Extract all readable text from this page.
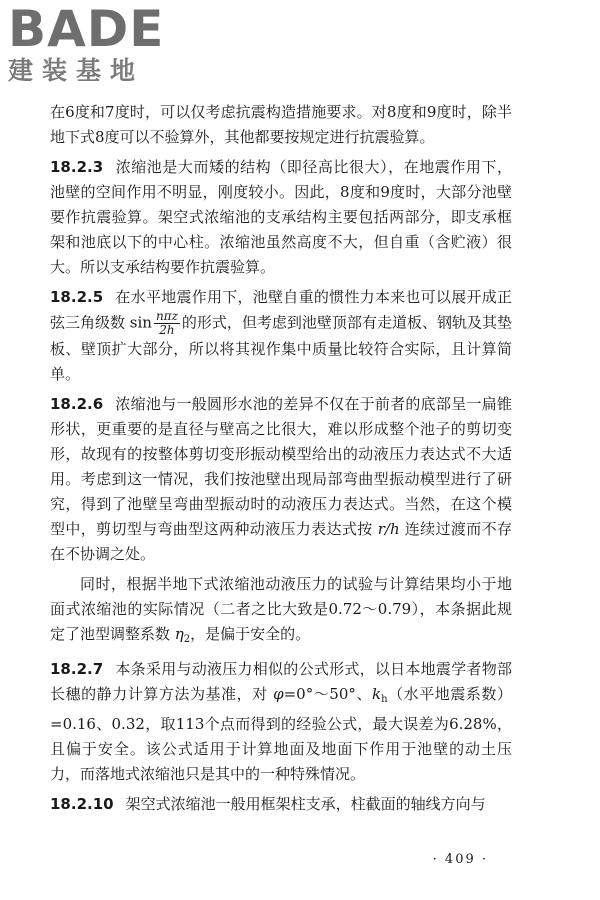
BADE
建装基地

在6度和7度时，可以仅考虑抗震构造措施要求。对8度和9度时，除半地下式8度可以不验算外，其他都要按规定进行抗震验算。

18.2.3 浓缩池是大而矮的结构（即径高比很大），在地震作用下，池壁的空间作用不明显，刚度较小。因此，8度和9度时，大部分池壁要作抗震验算。架空式浓缩池的支承结构主要包括两部分，即支承框架和池底以下的中心柱。浓缩池虽然高度不大，但自重（含贮液）很大。所以支承结构要作抗震验算。

18.2.5 在水平地震作用下，池壁自重的惯性力本来也可以展开成正弦三角级数 $\sin \frac{\text{nπz}}{2h}$ 的形式，但考虑到池壁顶部有走道板、钢轨及其垫板、壁顶扩大部分，所以将其视作集中质量比较符合实际，且计算简单。

18.2.6 浓缩池与一般圆形水池的差异不仅在于前者的底部呈一扁锥形状，更重要的是直径与壁高之比很大，难以形成整个池子的剪切变形，故现有的按整体剪切变形振动模型给出的动液压力表达式不大适用。考虑到这一情况，我们按池壁出现局部弯曲型振动模型进行了研究，得到了池壁呈弯曲型振动时的动液压力表达式。当然，在这个模型中，剪切型与弯曲型这两种动液压力表达式按 r/h 连续过渡而不存在不协调之处。

同时，根据半地下式浓缩池动液压力的试验与计算结果均小于地面式浓缩池的实际情况（二者之比大致是0.72～0.79），本条据此规定了池型调整系数 $\eta_2$，是偏于安全的。

18.2.7 本条采用与动液压力相似的公式形式，以日本地震学者物部长穗的静力计算方法为基准，对 φ=0°～50°、$k_h$（水平地震系数）=0.16、0.32，取113个点而得到的经验公式，最大误差为6.28%，且偏于安全。该公式适用于计算地面及地面下作用于池壁的动土压力，而落地式浓缩池只是其中的一种特殊情况。

18.2.10 架空式浓缩池一般用框架柱支承，柱截面的轴线方向与

· 409 ·
